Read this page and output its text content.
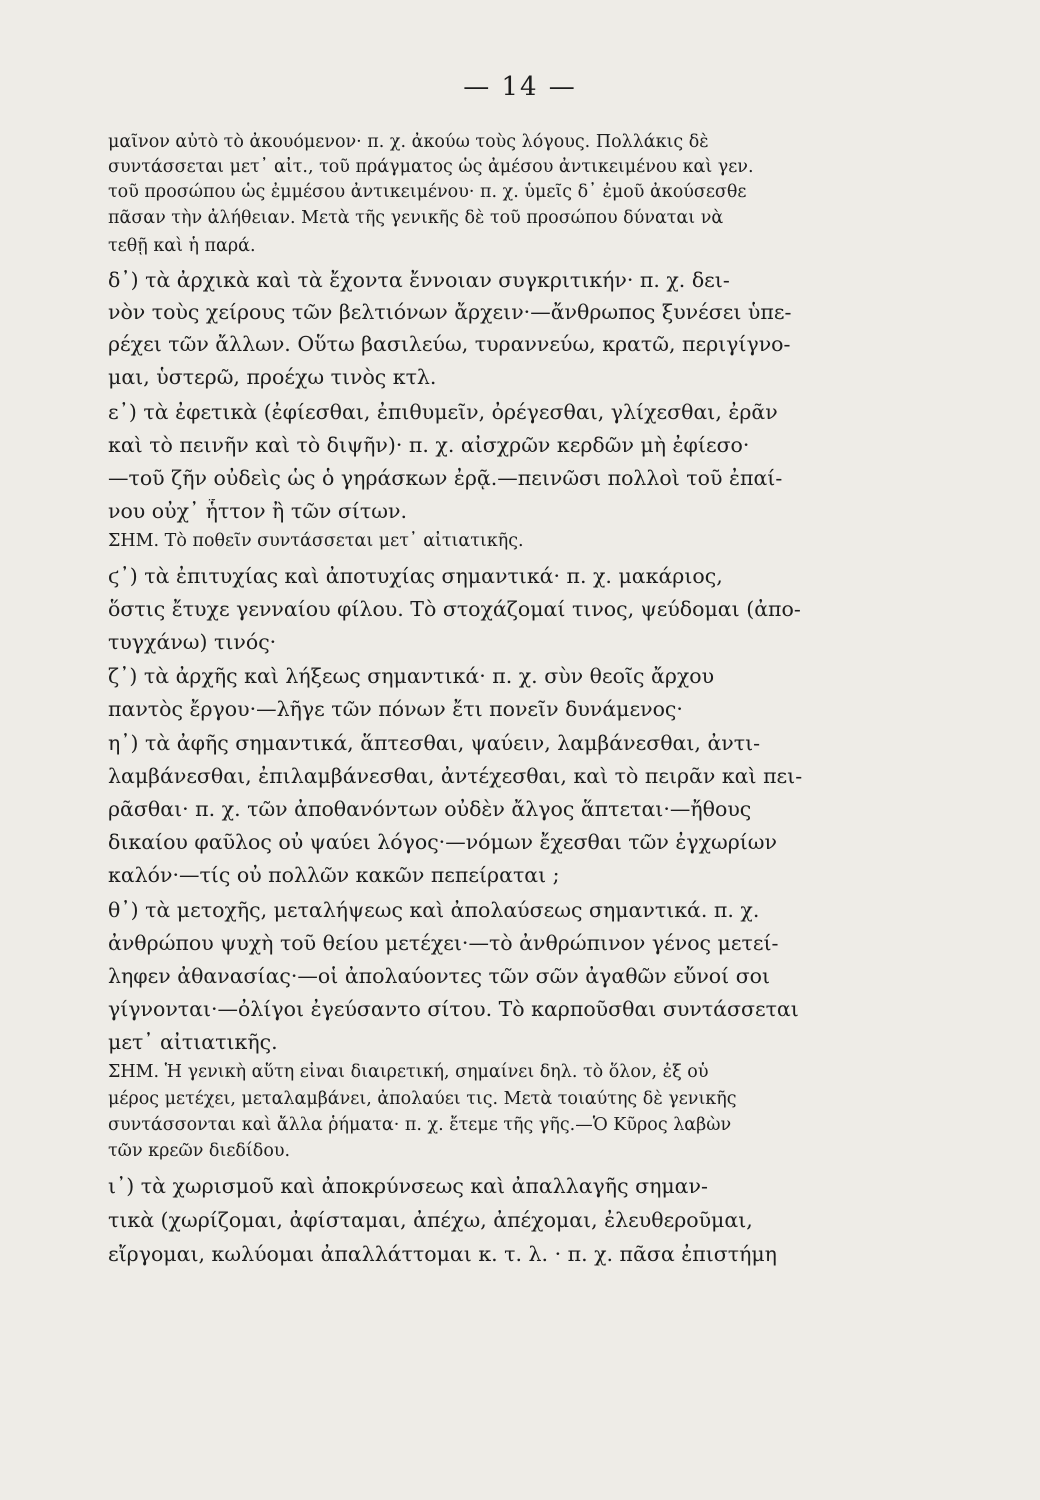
— 14 —
μαῖνον αὐτὸ τὸ ἀκουόμενον· π. χ. ἀκούω τοὺς λόγους. Πολλάκις δὲ
συντάσσεται μετ᾽ αἰτ., τοῦ πράγματος ὡς ἀμέσου ἀντικειμένου καὶ γεν.
τοῦ προσώπου ὡς ἐμμέσου ἀντικειμένου· π. χ. ὑμεῖς δ᾽ ἐμοῦ ἀκούσεσθε
πᾶσαν τὴν ἀλήθειαν. Μετὰ τῆς γενικῆς δὲ τοῦ προσώπου δύναται νὰ
τεθῇ καὶ ἡ παρά.
δ᾽) τὰ ἀρχικὰ καὶ τὰ ἔχοντα ἔννοιαν συγκριτικήν· π. χ. δει-
νὸν τοὺς χείρους τῶν βελτιόνων ἄρχειν·—ἄνθρωπος ξυνέσει ὑπε-
ρέχει τῶν ἄλλων. Οὕτω βασιλεύω, τυραννεύω, κρατῶ, περιγίγνο-
μαι, ὑστερῶ, προέχω τινὸς κτλ.
ε᾽) τὰ ἐφετικὰ (ἐφίεσθαι, ἐπιθυμεῖν, ὀρέγεσθαι, γλίχεσθαι, ἐρᾶν
καὶ τὸ πεινῆν καὶ τὸ διψῆν)· π. χ. αἰσχρῶν κερδῶν μὴ ἐφίεσο·
—τοῦ ζῆν οὐδεὶς ὡς ὁ γηράσκων ἐρᾷ.—πεινῶσι πολλοὶ τοῦ ἐπαί-
νου οὐχ᾽ ἧττον ἢ τῶν σίτων.
ΣΗΜ. Τὸ ποθεῖν συντάσσεται μετ᾽ αἰτιατικῆς.
ϛ᾽) τὰ ἐπιτυχίας καὶ ἀποτυχίας σημαντικά· π. χ. μακάριος,
ὅστις ἔτυχε γενναίου φίλου. Τὸ στοχάζομαί τινος, ψεύδομαι (ἀπο-
τυγχάνω) τινός·
ζ᾽) τὰ ἀρχῆς καὶ λήξεως σημαντικά· π. χ. σὺν θεοῖς ἄρχου
παντὸς ἔργου·—λῆγε τῶν πόνων ἔτι πονεῖν δυνάμενος·
η᾽) τὰ ἀφῆς σημαντικά, ἅπτεσθαι, ψαύειν, λαμβάνεσθαι, ἀντι-
λαμβάνεσθαι, ἐπιλαμβάνεσθαι, ἀντέχεσθαι, καὶ τὸ πειρᾶν καὶ πει-
ρᾶσθαι· π. χ. τῶν ἀποθανόντων οὐδὲν ἄλγος ἅπτεται·—ἤθους
δικαίου φαῦλος οὐ ψαύει λόγος·—νόμων ἔχεσθαι τῶν ἐγχωρίων
καλόν·—τίς οὐ πολλῶν κακῶν πεπείραται ;
θ᾽) τὰ μετοχῆς, μεταλήψεως καὶ ἀπολαύσεως σημαντικά. π. χ.
ἀνθρώπου ψυχὴ τοῦ θείου μετέχει·—τὸ ἀνθρώπινον γένος μετεί-
ληφεν ἀθανασίας·—οἱ ἀπολαύοντες τῶν σῶν ἀγαθῶν εὔνοί σοι
γίγνονται·—ὀλίγοι ἐγεύσαντο σίτου. Τὸ καρποῦσθαι συντάσσεται
μετ᾽ αἰτιατικῆς.
ΣΗΜ. Ἡ γενικὴ αὕτη εἶναι διαιρετική, σημαίνει δηλ. τὸ ὅλον, ἐξ οὗ
μέρος μετέχει, μεταλαμβάνει, ἀπολαύει τις. Μετὰ τοιαύτης δὲ γενικῆς
συντάσσονται καὶ ἄλλα ῥήματα· π. χ. ἔτεμε τῆς γῆς.—Ὁ Κῦρος λαβὼν
τῶν κρεῶν διεδίδου.
ι᾽) τὰ χωρισμοῦ καὶ ἀποκρύνσεως καὶ ἀπαλλαγῆς σημαν-
τικὰ (χωρίζομαι, ἀφίσταμαι, ἀπέχω, ἀπέχομαι, ἐλευθεροῦμαι,
εἴργομαι, κωλύομαι ἀπαλλάττομαι κ. τ. λ. · π. χ. πᾶσα ἐπιστήμη
